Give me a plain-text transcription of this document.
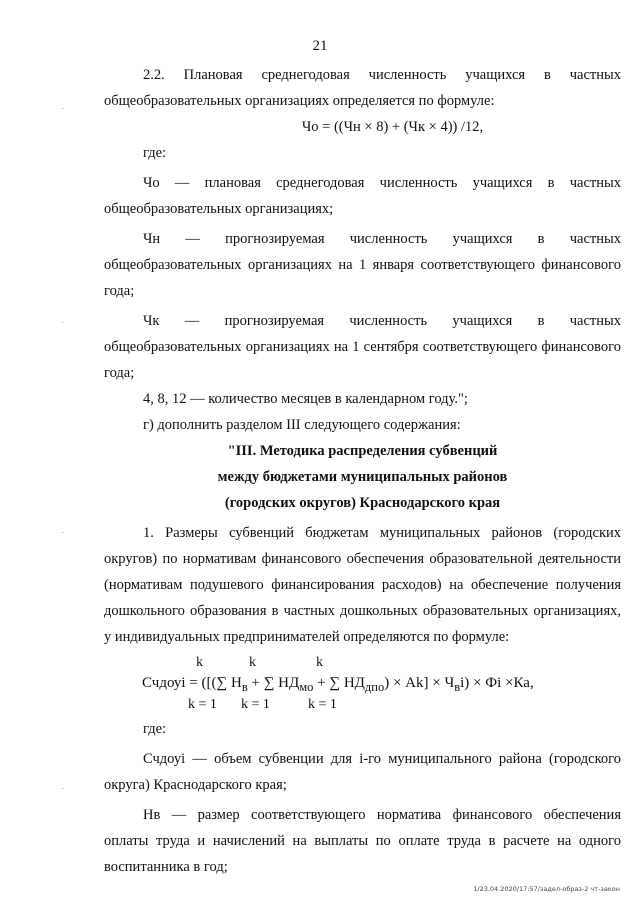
21

2.2. Плановая среднегодовая численность учащихся в частных общеобразовательных организациях определяется по формуле:

Чо = ((Чн × 8) + (Чк × 4)) /12,

где:

Чо — плановая среднегодовая численность учащихся в частных общеобразовательных организациях;

Чн — прогнозируемая численность учащихся в частных общеобразовательных организациях на 1 января соответствующего финансового года;

Чк — прогнозируемая численность учащихся в частных общеобразовательных организациях на 1 сентября соответствующего финансового года;

4, 8, 12 — количество месяцев в календарном году.";

г) дополнить разделом III следующего содержания:

"III. Методика распределения субвенций

между бюджетами муниципальных районов

(городских округов) Краснодарского края

1. Размеры субвенций бюджетам муниципальных районов (городских округов) по нормативам финансового обеспечения образовательной деятельности (нормативам подушевого финансирования расходов) на обеспечение получения дошкольного образования в частных дошкольных образовательных организациях, у индивидуальных предпринимателей определяются по формуле:

k	k	k
Счдоуі = ([(∑ $Н_в$ + ∑ $НД_{мо}$ + ∑ $НД_{дпо}) \times Аk] \times Ч_ві$) × Фі ×Ка,
k = 1 k = 1	k = 1

где:

Счдоуі — объем субвенции для і-го муниципального района (городского округа) Краснодарского края;

Нв — размер соответствующего норматива финансового обеспечения оплаты труда и начислений на выплаты по оплате труда в расчете на одного воспитанника в год;

1/23.04.2020/17:57/задел-образ-2 чт-закон
